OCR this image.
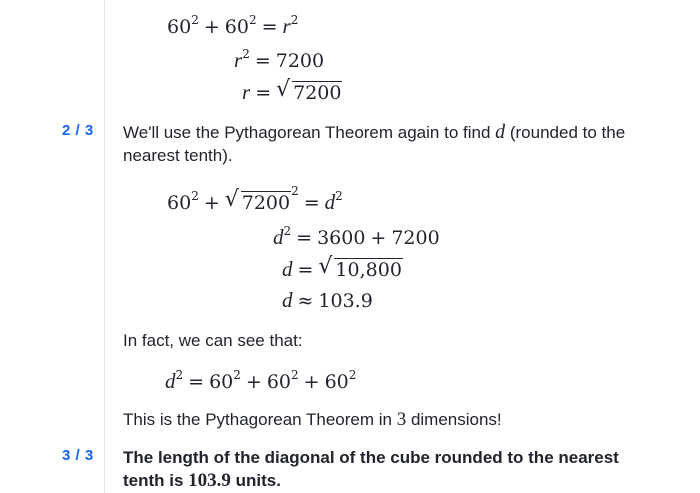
$60^2 + 60^2 = r^2$
$r^2 = 7200$
r = √ 7200
2 / 3 We'll use the Pythagorean Theorem again to find d (rounded to the nearest tenth).
$60^2$ + √ $7200^2= d^2$
$d^2 = 3600 + 7200$
d = √ 10,800
d ≈ 103.9
In fact, we can see that:
$d^2 = 60^2 + 60^2 + 60^2$
This is the Pythagorean Theorem in 3 dimensions!
3 / 3 The length of the diagonal of the cube rounded to the nearest tenth is 103.9 units.
